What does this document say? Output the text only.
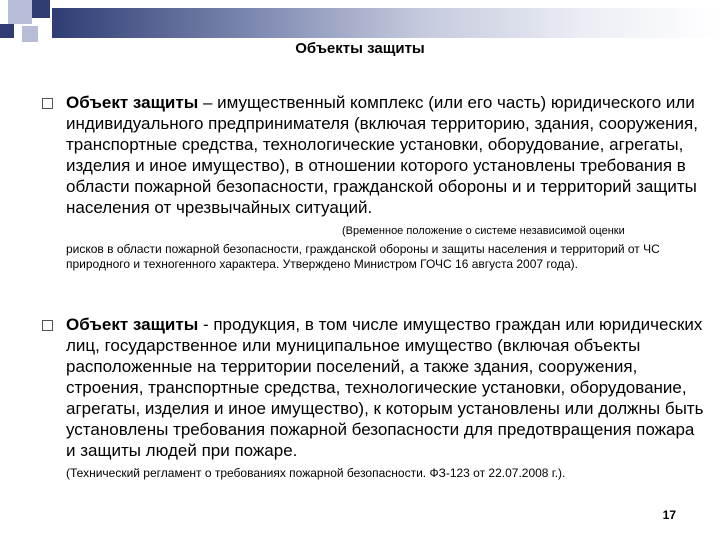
Объекты защиты
Объект защиты – имущественный комплекс (или его часть) юридического или индивидуального предпринимателя (включая территорию, здания, сооружения, транспортные средства, технологические установки, оборудование, агрегаты, изделия и иное имущество), в отношении которого установлены требования в области пожарной безопасности, гражданской обороны и и территорий защиты населения от чрезвычайных ситуаций.
(Временное положение о системе независимой оценки
рисков в области пожарной безопасности, гражданской обороны и защиты населения и территорий от ЧС природного и техногенного характера. Утверждено Министром ГОЧС 16 августа 2007 года).
Объект защиты - продукция, в том числе имущество граждан или юридических лиц, государственное или муниципальное имущество (включая объекты расположенные на территории поселений, а также здания, сооружения, строения, транспортные средства, технологические установки, оборудование, агрегаты, изделия и иное имущество), к которым установлены или должны быть установлены требования пожарной безопасности для предотвращения пожара и защиты людей при пожаре.
(Технический регламент о требованиях пожарной безопасности. ФЗ-123 от 22.07.2008 г.).
17
